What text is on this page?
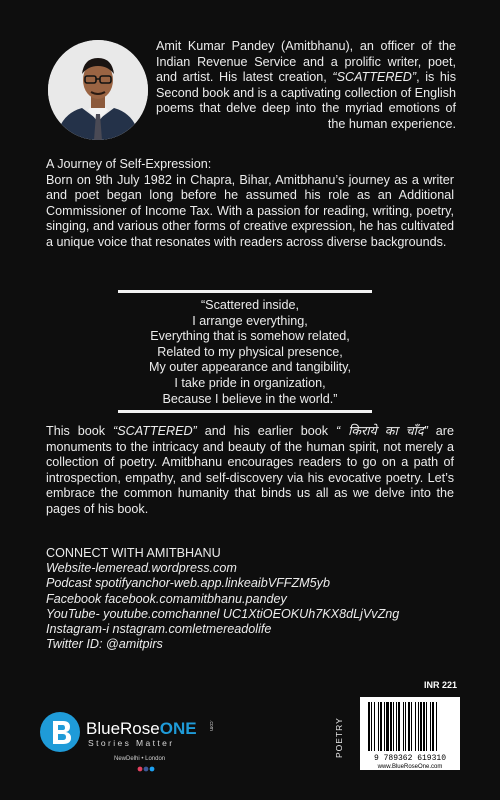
Amit Kumar Pandey (Amitbhanu), an officer of the Indian Revenue Service and a prolific writer, poet, and artist. His latest creation, “SCATTERED”, is his Second book and is a captivating collection of English poems that delve deep into the myriad emotions of the human experience.

A Journey of Self-Expression:

Born on 9th July 1982 in Chapra, Bihar, Amitbhanu’s journey as a writer and poet began long before he assumed his role as an Additional Commissioner of Income Tax. With a passion for reading, writing, poetry, singing, and various other forms of creative expression, he has cultivated a unique voice that resonates with readers across diverse backgrounds.

“Scattered inside,
I arrange everything,
Everything that is somehow related,
Related to my physical presence,
My outer appearance and tangibility,
I take pride in organization,
Because I believe in the world.”

This book “SCATTERED” and his earlier book “ किराये का चाँद” are monuments to the intricacy and beauty of the human spirit, not merely a collection of poetry. Amitbhanu encourages readers to go on a path of introspection, empathy, and self-discovery via his evocative poetry. Let’s embrace the common humanity that binds us all as we delve into the pages of his book.

CONNECT WITH AMITBHANU
Website-lemeread.wordpress.com
Podcast spotifyanchor-web.app.linkeaibVFFZM5yb
Facebook facebook.comamitbhanu.pandey
YouTube- youtube.comchannel UC1XtiOEOKUh7KX8dLjVvZng
Instagram-i nstagram.comletmereadolife
Twitter ID: @amitpirs
BlueRoseONE .com
Stories Matter
NewDelhi • London
POETRY
INR 221
9 789362 619310
www.BlueRoseOne.com
